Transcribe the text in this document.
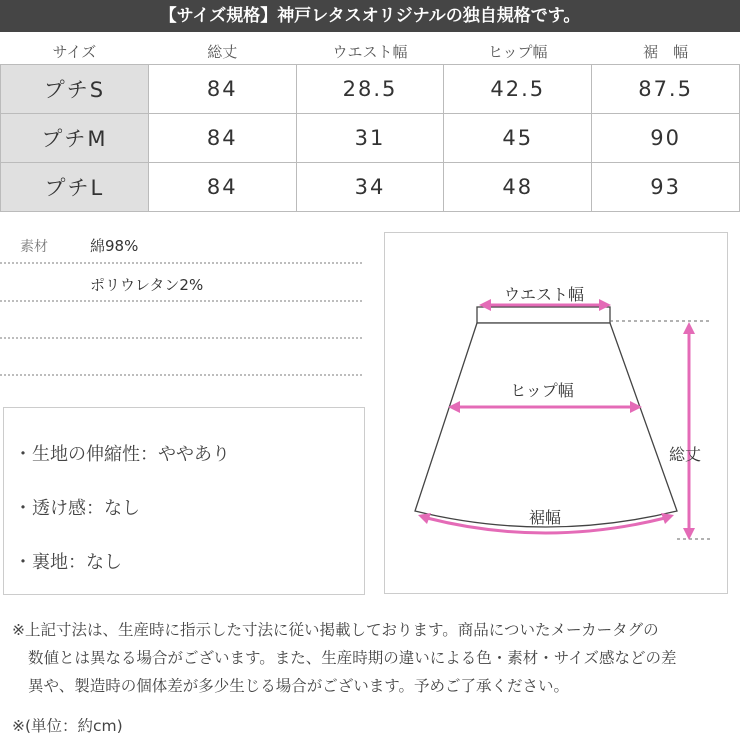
【サイズ規格】神戸レタスオリジナルの独自規格です。
サイズ	総丈	ウエスト幅	ヒップ幅	裾　幅
プチS	84	28.5	42.5	87.5
プチM	84	31	45	90
プチL	84	34	48	93
素材	綿98%
ポリウレタン2%
・生地の伸縮性：ややあり
・透け感：なし
・裏地：なし
ウエスト幅
ヒップ幅
総丈
裾幅
※上記寸法は、生産時に指示した寸法に従い掲載しております。商品についたメーカータグの
数値とは異なる場合がございます。また、生産時期の違いによる色・素材・サイズ感などの差
異や、製造時の個体差が多少生じる場合がございます。予めご了承ください。
※(単位：約cm)
